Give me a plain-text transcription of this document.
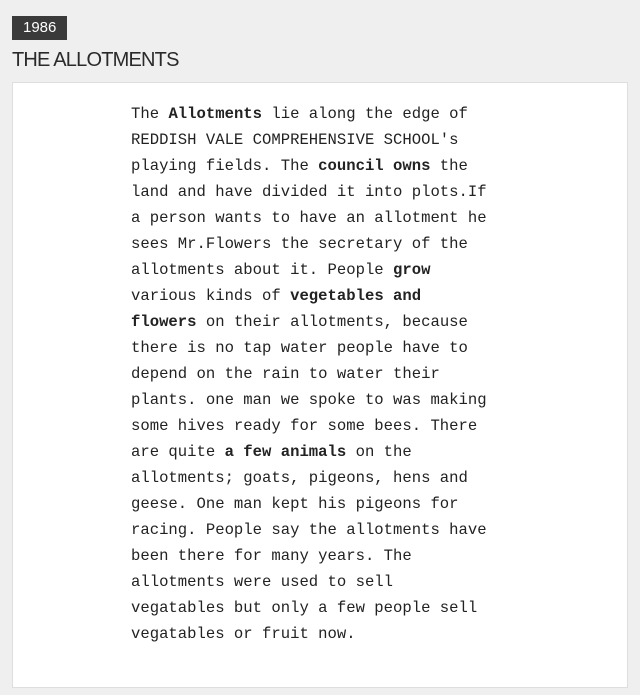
1986
THE ALLOTMENTS

The Allotments lie along the edge of
REDDISH VALE COMPREHENSIVE SCHOOL's
playing fields. The council owns the
land and have divided it into plots.If
a person wants to have an allotment he
sees Mr.Flowers the secretary of the
allotments about it. People grow
various kinds of vegetables and
flowers on their allotments, because
there is no tap water people have to
depend on the rain to water their
plants. one man we spoke to was making
some hives ready for some bees. There
are quite a few animals on the
allotments; goats, pigeons, hens and
geese. One man kept his pigeons for
racing. People say the allotments have
been there for many years. The
allotments were used to sell
vegatables but only a few people sell
vegatables or fruit now.
